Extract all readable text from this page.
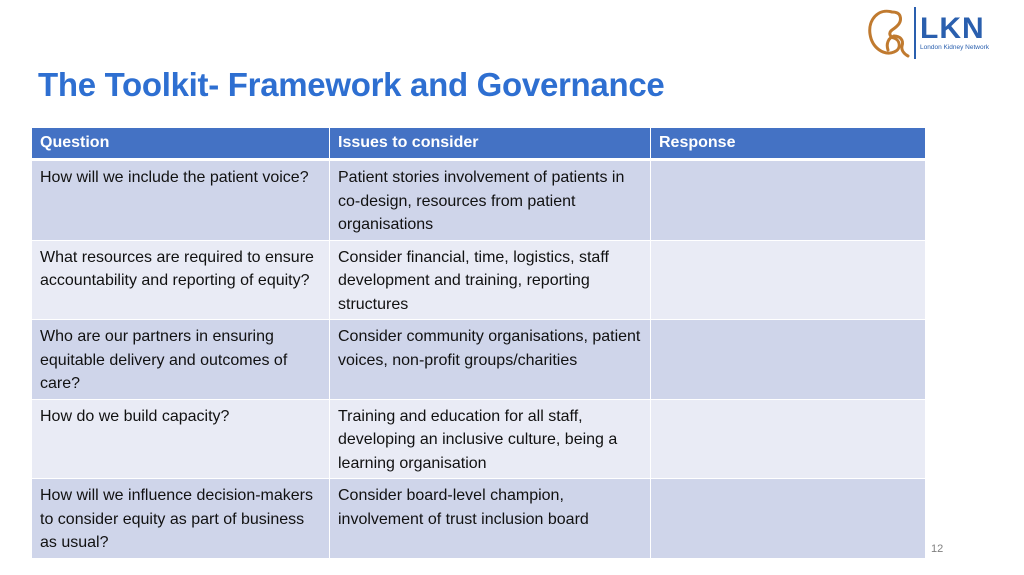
LKN
London Kidney Network
The Toolkit- Framework and Governance
Question	Issues to consider	Response
How will we include the patient voice?	Patient stories involvement of patients in co-design, resources from patient organisations	
What resources are required to ensure accountability and reporting of equity?	Consider financial, time, logistics, staff development and training, reporting structures	
Who are our partners in ensuring equitable delivery and outcomes of care?	Consider community organisations, patient voices, non-profit groups/charities	
How do we build capacity?	Training and education for all staff, developing an inclusive culture, being a learning organisation	
How will we influence decision-makers to consider equity as part of business as usual?	Consider board-level champion, involvement of trust inclusion board	
12
